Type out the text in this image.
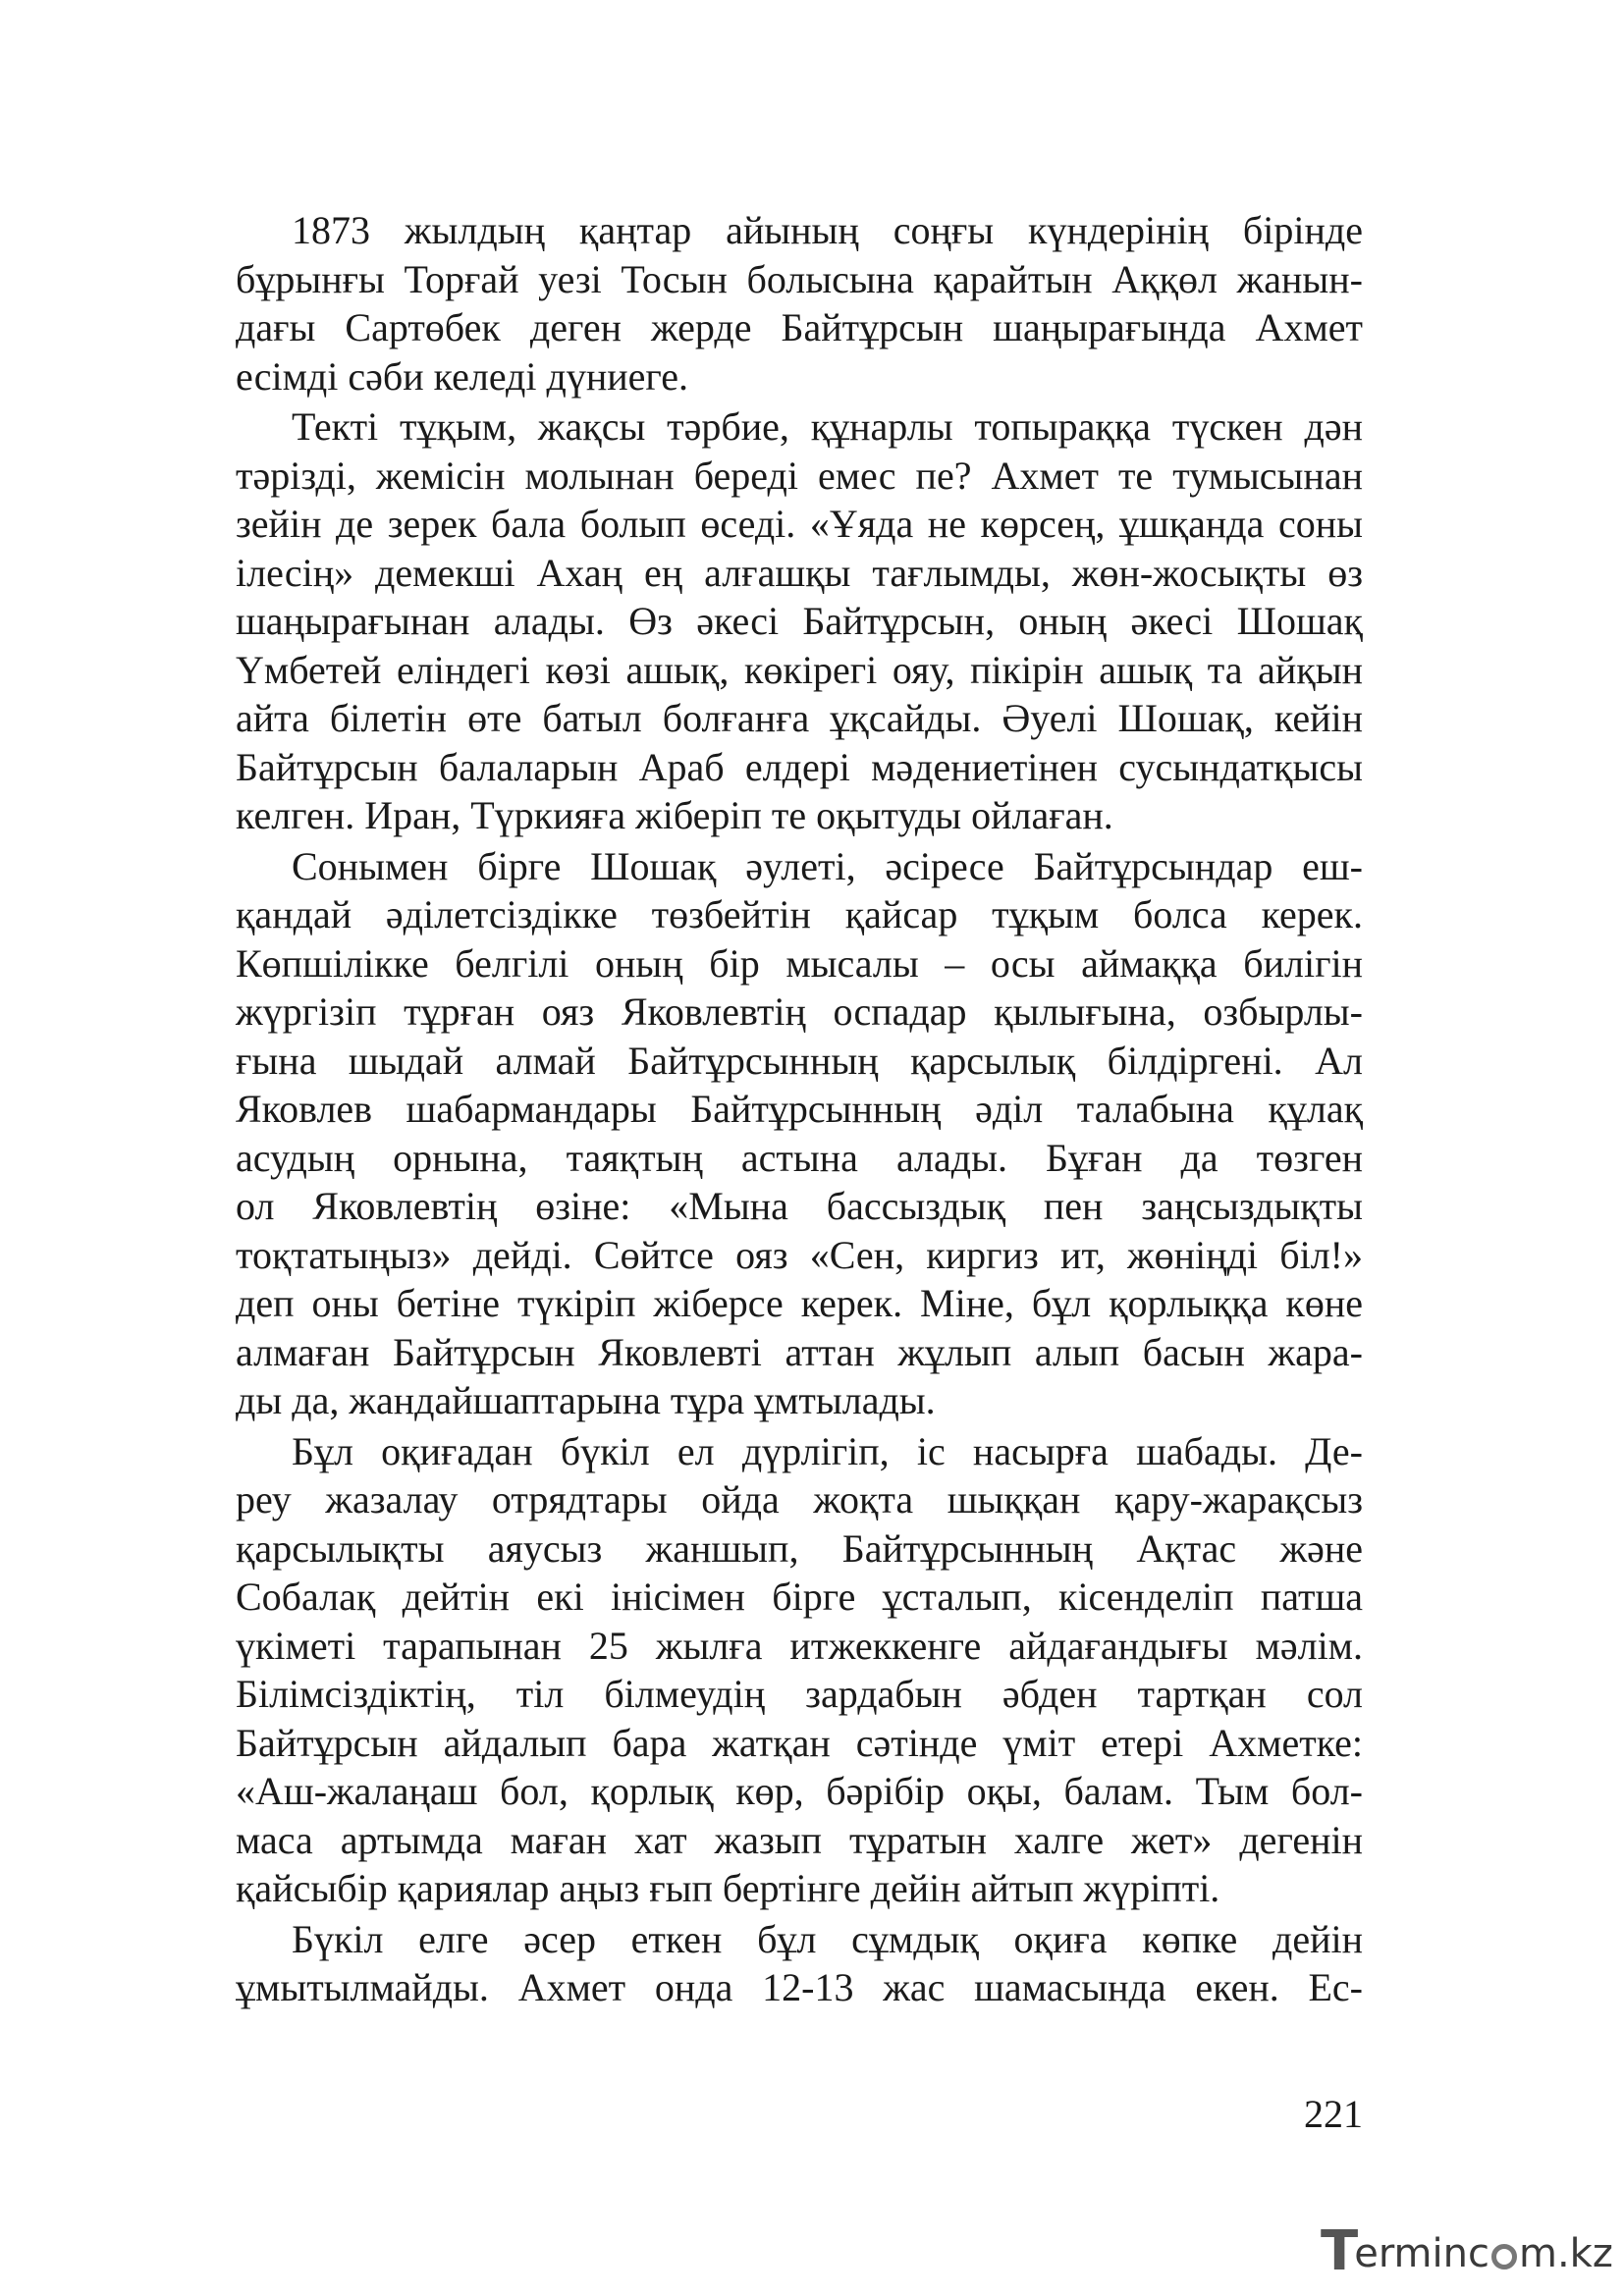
1873 жылдың қаңтар айының соңғы күндерінің бірінде
бұрынғы Торғай уезі Тосын болысына қарайтын Аққөл жанын-
дағы Сартөбек деген жерде Байтұрсын шаңырағында Ахмет
есімді сәби келеді дүниеге.
Текті тұқым, жақсы тәрбие, құнарлы топыраққа түскен дән
тәрізді, жемісін молынан береді емес пе? Ахмет те тумысынан
зейін де зерек бала болып өседі. «Ұяда не көрсең, ұшқанда соны
ілесің» демекші Ахаң ең алғашқы тағлымды, жөн-жосықты өз
шаңырағынан алады. Өз әкесі Байтұрсын, оның әкесі Шошақ
Үмбетей еліндегі көзі ашық, көкірегі ояу, пікірін ашық та айқын
айта білетін өте батыл болғанға ұқсайды. Әуелі Шошақ, кейін
Байтұрсын балаларын Араб елдері мәдениетінен сусындатқысы
келген. Иран, Түркияға жіберіп те оқытуды ойлаған.
Сонымен бірге Шошақ әулеті, әсіресе Байтұрсындар еш-
қандай әділетсіздікке төзбейтін қайсар тұқым болса керек.
Көпшілікке белгілі оның бір мысалы – осы аймаққа билігін
жүргізіп тұрған ояз Яковлевтің оспадар қылығына, озбырлы-
ғына шыдай алмай Байтұрсынның қарсылық білдіргені. Ал
Яковлев шабармандары Байтұрсынның әділ талабына құлақ
асудың орнына, таяқтың астына алады. Бұған да төзген
ол Яковлевтің өзіне: «Мына бассыздық пен заңсыздықты
тоқтатыңыз» дейді. Сөйтсе ояз «Сен, киргиз ит, жөніңді біл!»
деп оны бетіне түкіріп жіберсе керек. Міне, бұл қорлыққа көне
алмаған Байтұрсын Яковлевті аттан жұлып алып басын жара-
ды да, жандайшаптарына тұра ұмтылады.
Бұл оқиғадан бүкіл ел дүрлігіп, іс насырға шабады. Де-
реу жазалау отрядтары ойда жоқта шыққан қару-жарақсыз
қарсылықты аяусыз жаншып, Байтұрсынның Ақтас және
Собалақ дейтін екі інісімен бірге ұсталып, кісенделіп патша
үкіметі тарапынан 25 жылға итжеккенге айдағандығы мәлім.
Білімсіздіктің, тіл білмеудің зардабын әбден тартқан сол
Байтұрсын айдалып бара жатқан сәтінде үміт етері Ахметке:
«Аш-жалаңаш бол, қорлық көр, бәрібір оқы, балам. Тым бол-
маса артымда маған хат жазып тұратын халге жет» дегенін
қайсыбір қариялар аңыз ғып бертінге дейін айтып жүріпті.
Бүкіл елге әсер еткен бұл сұмдық оқиға көпке дейін
ұмытылмайды. Ахмет онда 12-13 жас шамасында екен. Ес-
221
T
erminc m.kz
